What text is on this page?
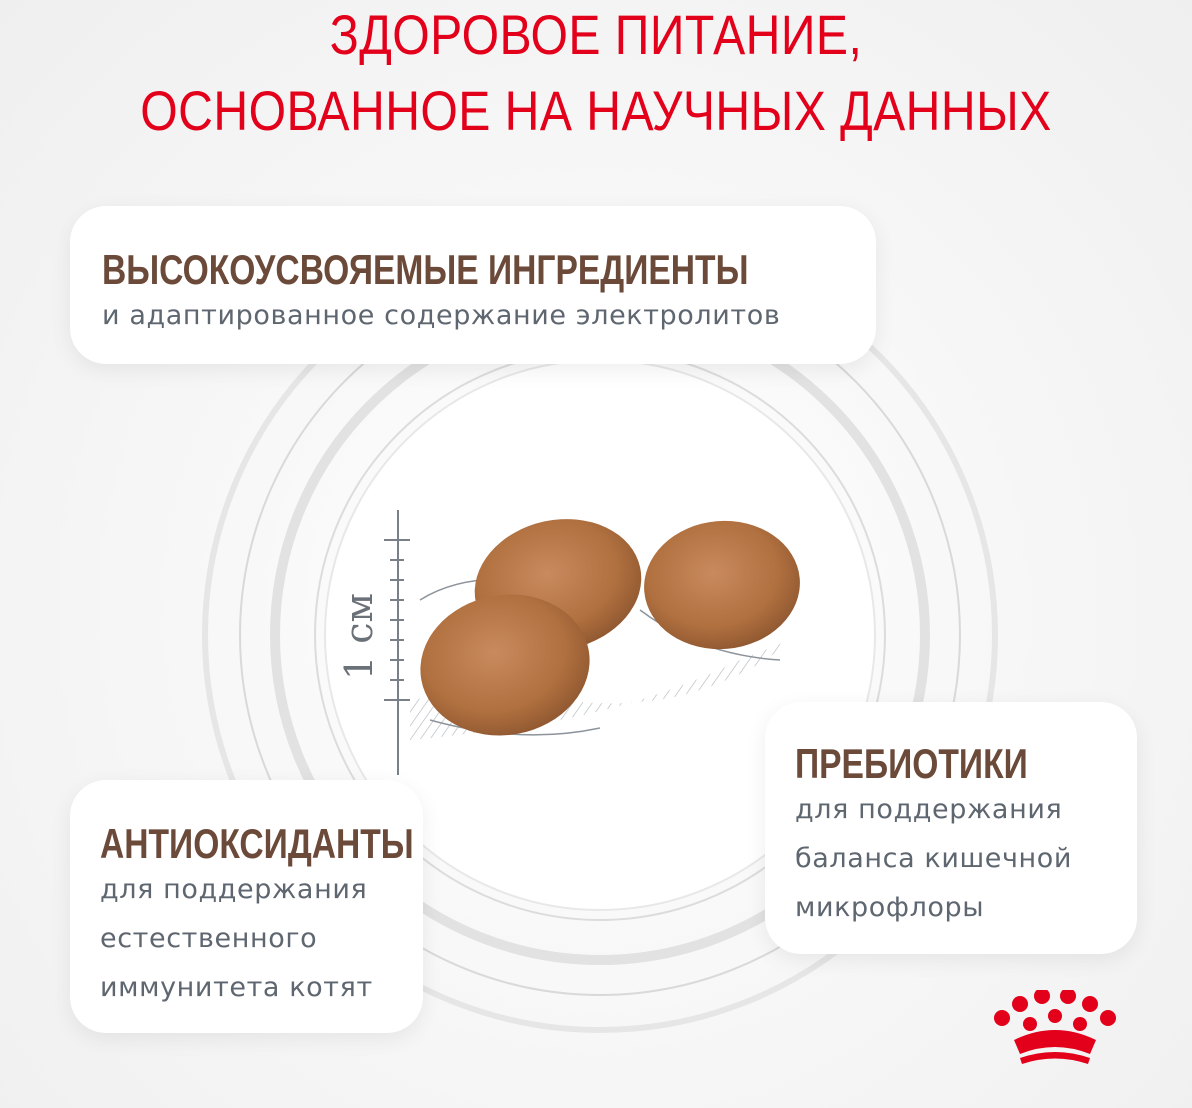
1 см
ЗДОРОВОЕ ПИТАНИЕ,
ОСНОВАННОЕ НА НАУЧНЫХ ДАННЫХ
ВЫСОКОУСВОЯЕМЫЕ ИНГРЕДИЕНТЫ
и адаптированное содержание электролитов
АНТИОКСИДАНТЫ
для поддержания
естественного
иммунитета котят
ПРЕБИОТИКИ
для поддержания
баланса кишечной
микрофлоры
